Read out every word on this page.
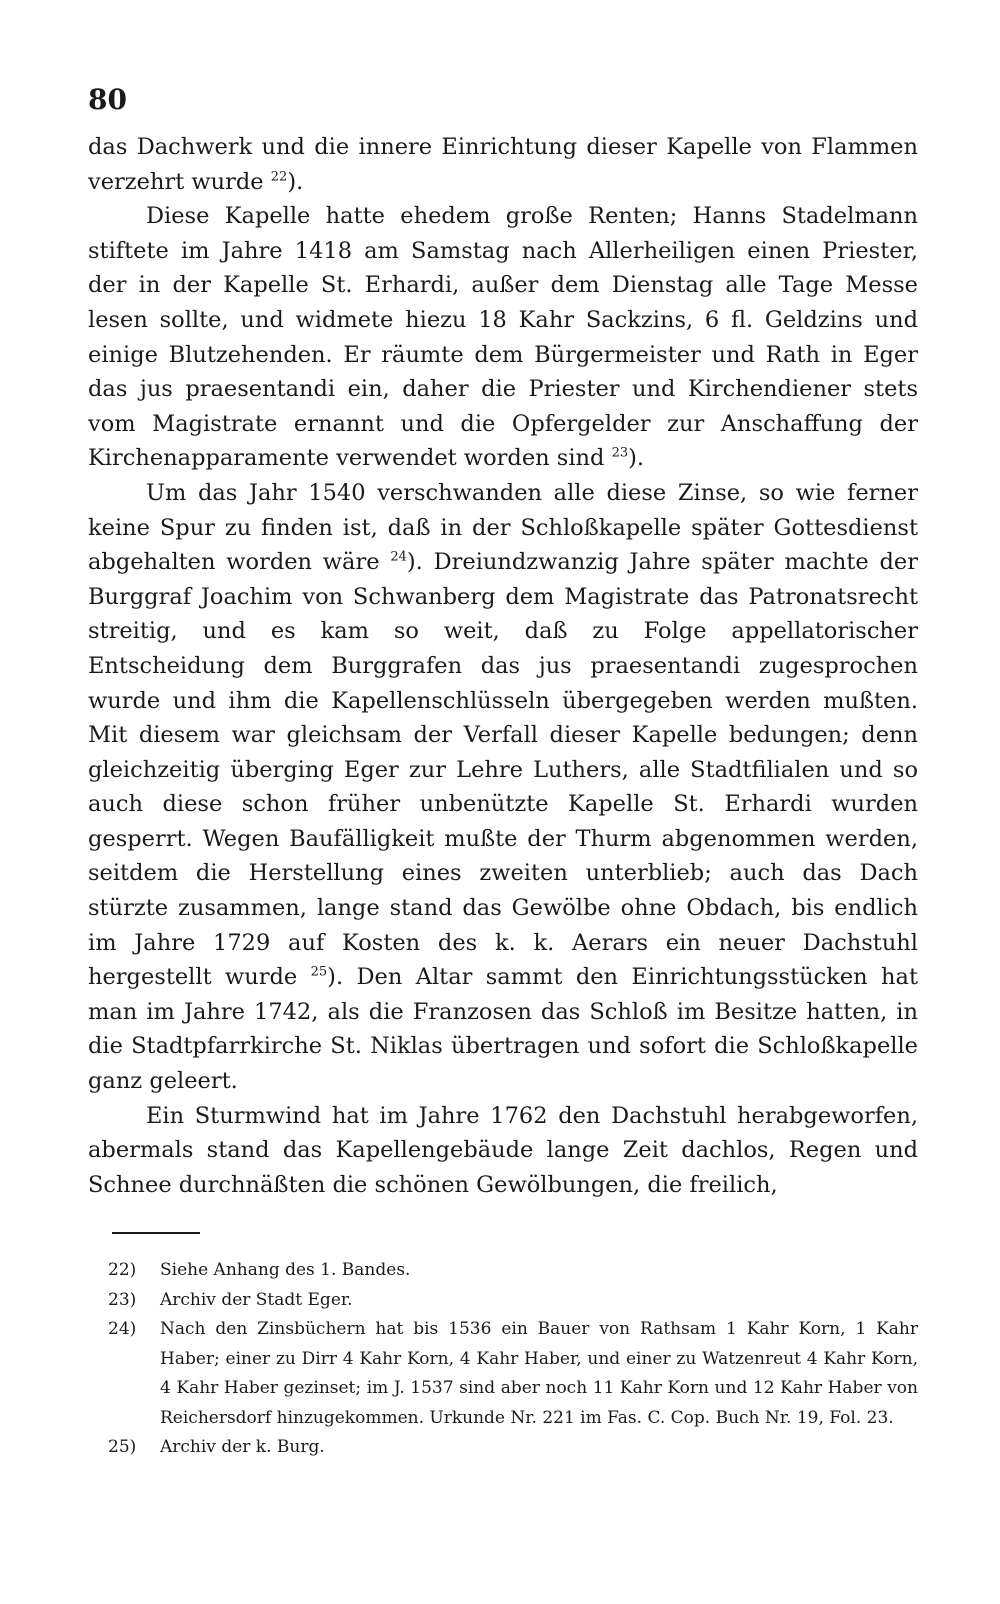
80

das Dachwerk und die innere Einrichtung dieser Kapelle von Flammen verzehrt wurde $^{22}$).

Diese Kapelle hatte ehedem große Renten; Hanns Stadelmann stiftete im Jahre 1418 am Samstag nach Allerheiligen einen Priester, der in der Kapelle St. Erhardi, außer dem Dienstag alle Tage Messe lesen sollte, und widmete hiezu 18 Kahr Sackzins, 6 fl. Geldzins und einige Blutzehenden. Er räumte dem Bürgermeister und Rath in Eger das jus praesentandi ein, daher die Priester und Kirchendiener stets vom Magistrate ernannt und die Opfergelder zur Anschaffung der Kirchenapparamente verwendet worden sind $^{23}$).

Um das Jahr 1540 verschwanden alle diese Zinse, so wie ferner keine Spur zu finden ist, daß in der Schloßkapelle später Gottesdienst abgehalten worden wäre $^{24}$). Dreiundzwanzig Jahre später machte der Burggraf Joachim von Schwanberg dem Magistrate das Patronatsrecht streitig, und es kam so weit, daß zu Folge appellatorischer Entscheidung dem Burggrafen das jus praesentandi zugesprochen wurde und ihm die Kapellenschlüsseln übergegeben werden mußten. Mit diesem war gleichsam der Verfall dieser Kapelle bedungen; denn gleichzeitig überging Eger zur Lehre Luthers, alle Stadtfilialen und so auch diese schon früher unbenützte Kapelle St. Erhardi wurden gesperrt. Wegen Baufälligkeit mußte der Thurm abgenommen werden, seitdem die Herstellung eines zweiten unterblieb; auch das Dach stürzte zusammen, lange stand das Gewölbe ohne Obdach, bis endlich im Jahre 1729 auf Kosten des k. k. Aerars ein neuer Dachstuhl hergestellt wurde $^{25}$). Den Altar sammt den Einrichtungsstücken hat man im Jahre 1742, als die Franzosen das Schloß im Besitze hatten, in die Stadtpfarrkirche St. Niklas übertragen und sofort die Schloßkapelle ganz geleert.

Ein Sturmwind hat im Jahre 1762 den Dachstuhl herabgeworfen, abermals stand das Kapellengebäude lange Zeit dachlos, Regen und Schnee durchnäßten die schönen Gewölbungen, die freilich,

22)	Siehe Anhang des 1. Bandes.
23)	Archiv der Stadt Eger.
24)	Nach den Zinsbüchern hat bis 1536 ein Bauer von Rathsam 1 Kahr Korn, 1 Kahr Haber; einer zu Dirr 4 Kahr Korn, 4 Kahr Haber, und einer zu Watzenreut 4 Kahr Korn, 4 Kahr Haber gezinset; im J. 1537 sind aber noch 11 Kahr Korn und 12 Kahr Haber von Reichersdorf hinzugekommen. Urkunde Nr. 221 im Fas. C. Cop. Buch Nr. 19, Fol. 23.
25)	Archiv der k. Burg.
